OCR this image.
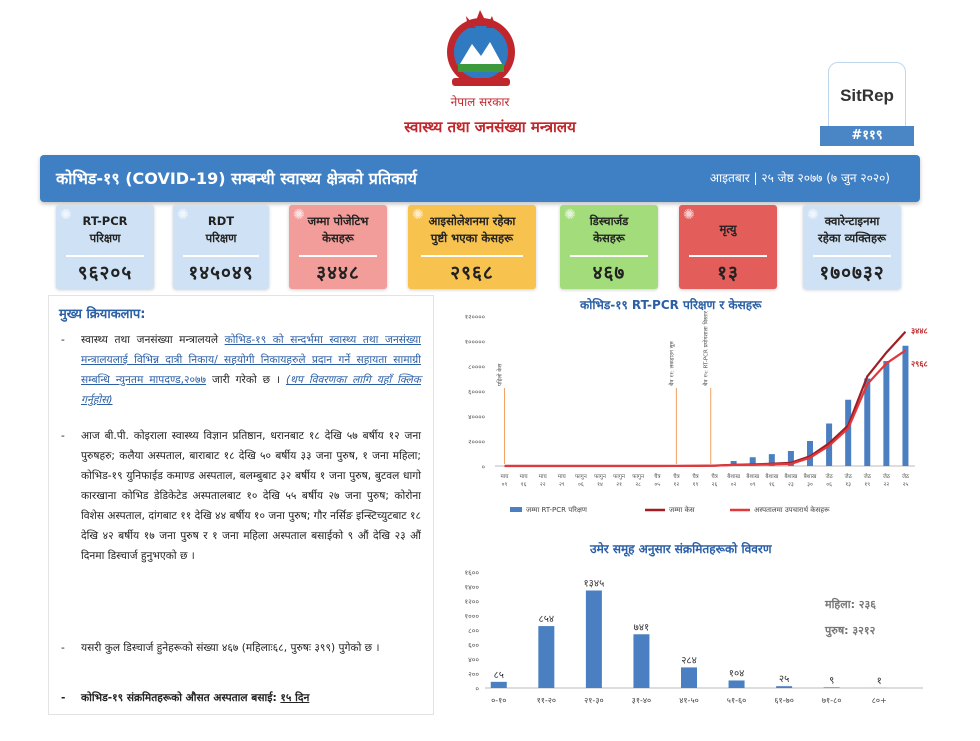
नेपाल सरकार
स्वास्थ्य तथा जनसंख्या मन्त्रालय
SitRep
#११९
कोभिड-१९ (COVID-19) सम्बन्धी स्वास्थ्य क्षेत्रको प्रतिकार्य	आइतबार | २५ जेष्ठ २०७७ (७ जुन २०२०)
✺ RT-PCR
परिक्षण
९६२०५
✺	RDT
परिक्षण
१४५०४९
✺ जम्मा पोजेटिभ
केसहरू
३४४८
✺ आइसोलेशनमा रहेका
पुष्टी भएका केसहरू
२९६८
✺	डिस्चार्जड
केसहरू
४६७
✺
मृत्यु
१३
✺ क्वारेन्टाइनमा
रहेका व्यक्तिहरू
१७०७३२
मुख्य क्रियाकलाप:
-	स्वास्थ्य तथा जनसंख्या मन्त्रालयले कोभिड-१९ को सन्दर्भमा स्वास्थ्य तथा जनसंख्या मन्त्रालयलाई विभिन्न दात्री निकाय/ सहयोगी निकायहरुले प्रदान गर्ने सहायता सामाग्री सम्बन्धि न्युनतम मापदण्ड,२०७७ जारी गरेको छ । (थप विवरणका लागि यहाँ क्लिक गर्नुहोस)
-	आज बी.पी. कोइराला स्वास्थ्य विज्ञान प्रतिष्ठान, धरानबाट १८ देखि ५७ बर्षीय १२ जना पुरुषहरु; कलैया अस्पताल, बाराबाट १८ देखि ५० बर्षीय ३३ जना पुरुष, १ जना महिला; कोभिड-१९ युनिफाईड कमाण्ड अस्पताल, बलम्बुबाट ३२ बर्षीय १ जना पुरुष, बुटवल धागो कारखाना कोभिड डेडिकेटेड अस्पतालबाट १० देखि ५५ बर्षीय २७ जना पुरुष; कोरोना विशेस अस्पताल, दांगबाट ११ देखि ४४ बर्षीय १० जना पुरुष; गौर नर्सिङ इन्स्टिच्युटबाट १८ देखि ४२ बर्षीय १७ जना पुरुष र १ जना महिला अस्पताल बसाईको ९ औं देखि २३ औं दिनमा डिस्चार्ज हुनुभएको छ ।
-	यसरी कुल डिस्चार्ज हुनेहरूको संख्या ४६७ (महिलाः६८, पुरुषः ३९९) पुगेको छ ।
-	कोभिड-१९ संक्रमितहरूको औसत अस्पताल बसाई: १५ दिन
कोभिड-१९ RT-PCR परिक्षण र केसहरू
०
२००००
४००००
६००००
८००००
१०००००
१२००००
३४४८
२९६८
माघ
०९
माघ
१६
माघ
२२
माघ
२९
फागुन
०६
फागुन
१४
फागुन
२१
फागुन
२८
चैत्र
०५
चैत्र
१२
चैत्र
१९
चैत्र
२६
बैशाख
०२
बैशाख
०९
बैशाख
१६
बैशाख
२३
बैशाख
३०
जेठ
०६
जेठ
१३
जेठ
१९
जेठ
२२
जेठ
२५
पहिलो केस	चैत्र ११: लकडाउन सुरु	चैत्र १५: RT-PCR प्रयोगशाला विस्तार
जम्मा RT-PCR परिक्षण	जम्मा केस	अस्पतालमा उपचारार्थ केसहरू
उमेर समूह अनुसार संक्रमितहरूको विवरण
०
२००
४००
६००
८००
१०००
१२००
१४००
१६००
८५
०-१०
८५४
११-२०
१३४५
२१-३०
७४१
३१-४०
२८४
४१-५०
१०४
५१-६०
२५
६१-७०
९
७१-८०
१
८०+
महिला: २३६
पुरुष: ३२१२
